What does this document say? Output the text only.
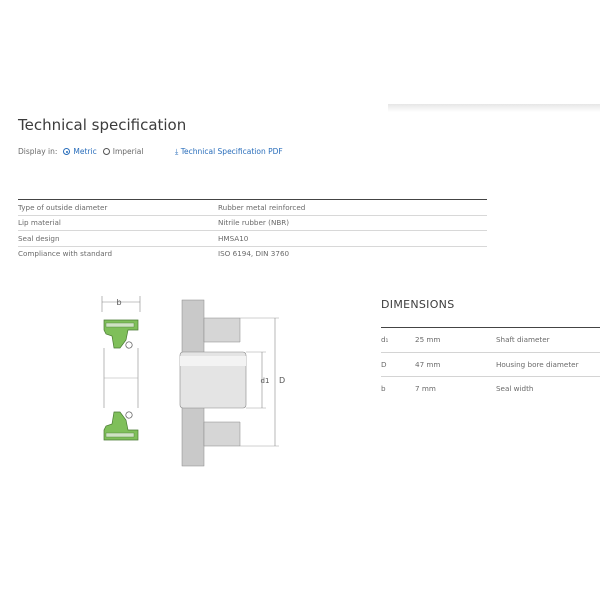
Technical specification
Display in: Metric Imperial	⤓ Technical Specification PDF
Type of outside diameter	Rubber metal reinforced
Lip material	Nitrile rubber (NBR)
Seal design	HMSA10
Compliance with standard	ISO 6194, DIN 3760
b
d1 D
DIMENSIONS
d₁	25 mm	Shaft diameter
D	47 mm	Housing bore diameter
b	7 mm	Seal width
